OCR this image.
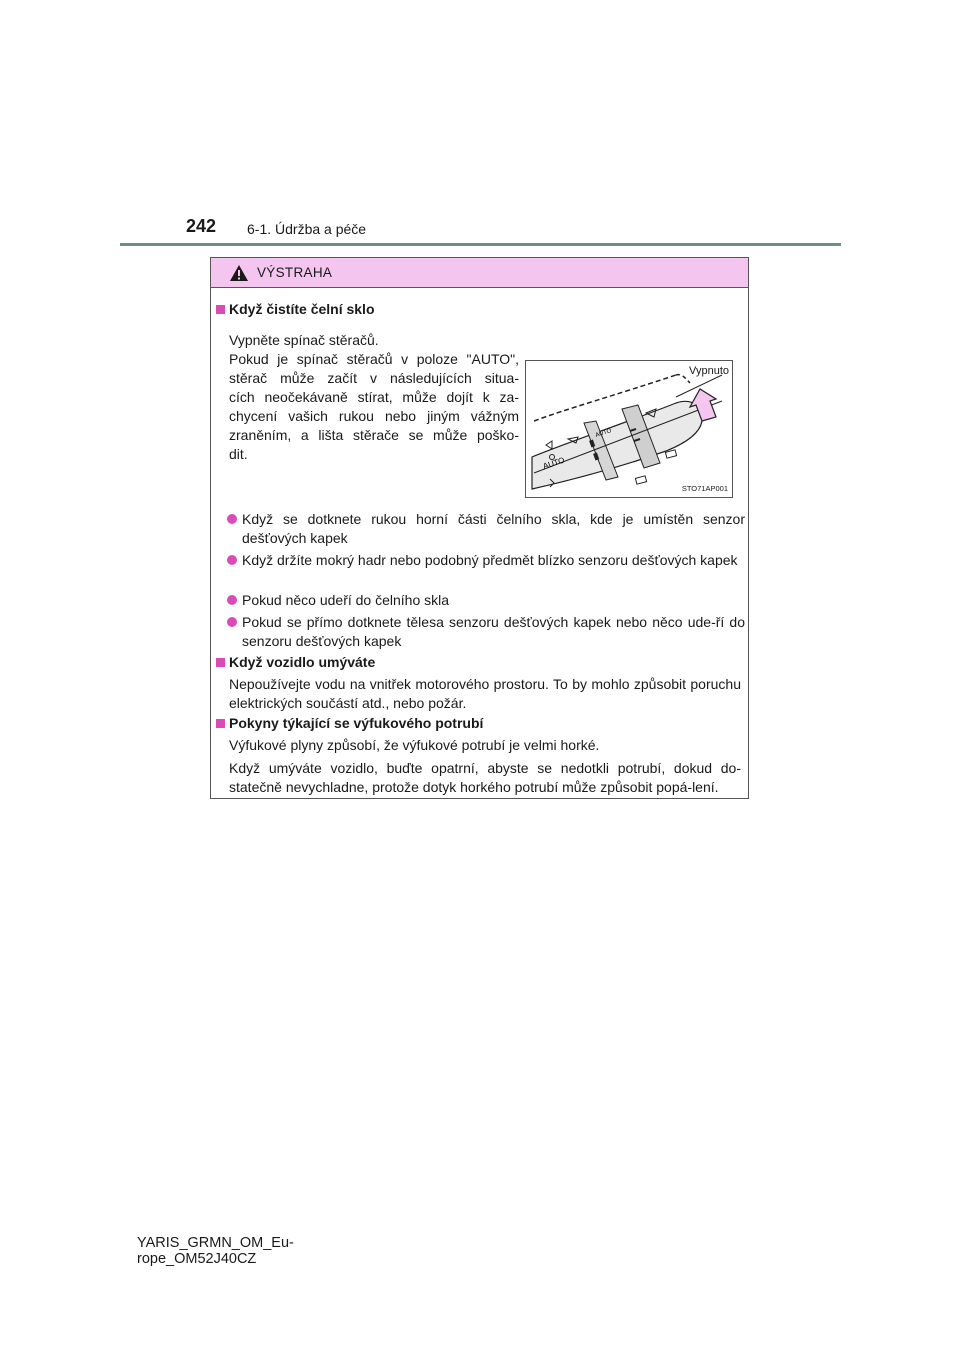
242 6-1. Údržba a péče
VÝSTRAHA
Když čistíte čelní sklo
Vypněte spínač stěračů.
Pokud je spínač stěračů v poloze "AUTO",
stěrač může začít v následujících situa-
cích neočekávaně stírat, může dojít k za-
chycení vašich rukou nebo jiným vážným
zraněním, a lišta stěrače se může poško-
dit.
AUTO
AUTO
Vypnuto
STO71AP001
Když se dotknete rukou horní části čelního skla, kde je umístěn senzor dešťových kapek
Když držíte mokrý hadr nebo podobný předmět blízko senzoru dešťových kapek
Pokud něco udeří do čelního skla
Pokud se přímo dotknete tělesa senzoru dešťových kapek nebo něco ude-ří do senzoru dešťových kapek
Když vozidlo umýváte
Nepoužívejte vodu na vnitřek motorového prostoru. To by mohlo způsobit poruchu elektrických součástí atd., nebo požár.
Pokyny týkající se výfukového potrubí
Výfukové plyny způsobí, že výfukové potrubí je velmi horké.
Když umýváte vozidlo, buďte opatrní, abyste se nedotkli potrubí, dokud do-statečně nevychladne, protože dotyk horkého potrubí může způsobit popá-lení.
YARIS_GRMN_OM_Eu-
rope_OM52J40CZ
